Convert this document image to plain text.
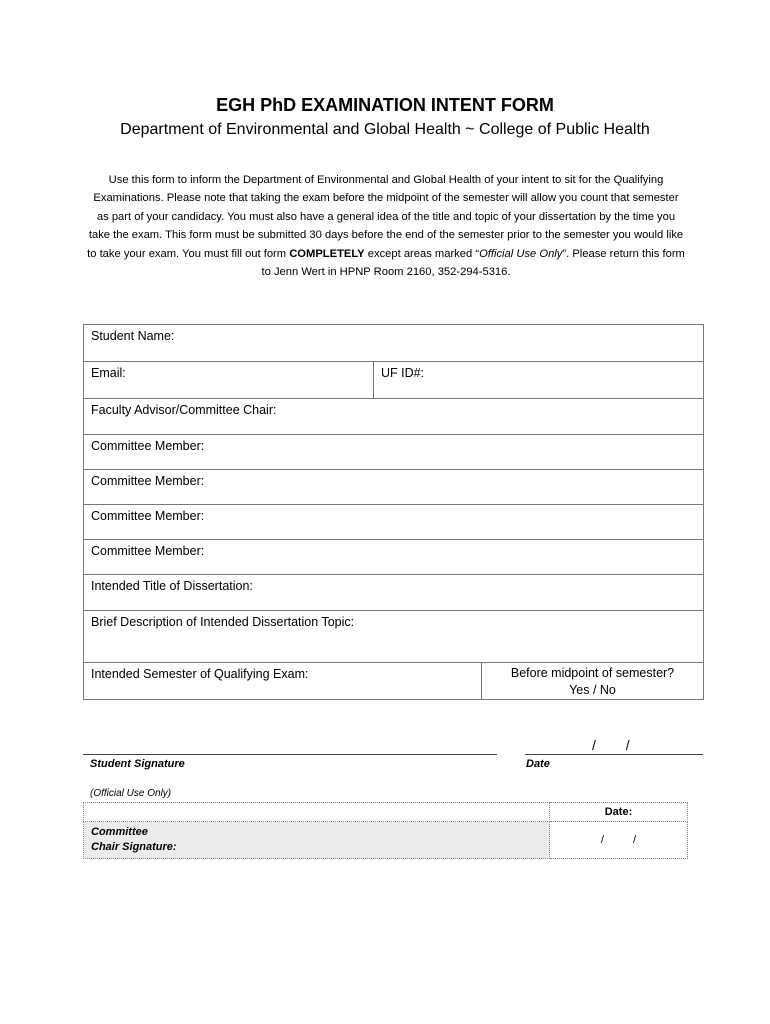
EGH PhD EXAMINATION INTENT FORM
Department of Environmental and Global Health ~ College of Public Health
Use this form to inform the Department of Environmental and Global Health of your intent to sit for the Qualifying Examinations. Please note that taking the exam before the midpoint of the semester will allow you count that semester as part of your candidacy. You must also have a general idea of the title and topic of your dissertation by the time you take the exam. This form must be submitted 30 days before the end of the semester prior to the semester you would like to take your exam. You must fill out form COMPLETELY except areas marked “Official Use Only”. Please return this form to Jenn Wert in HPNP Room 2160, 352-294-5316.
Student Name:		
Email:	UF ID#:	
Faculty Advisor/Committee Chair:		
Committee Member:		
Committee Member:		
Committee Member:		
Committee Member:		
Intended Title of Dissertation:		
Brief Description of Intended Dissertation Topic:		
Intended Semester of Qualifying Exam:		Before midpoint of semester?
Yes / No
/ /
Student Signature	Date
(Official Use Only)
	Date:

Committee
Chair Signature:	/ /
